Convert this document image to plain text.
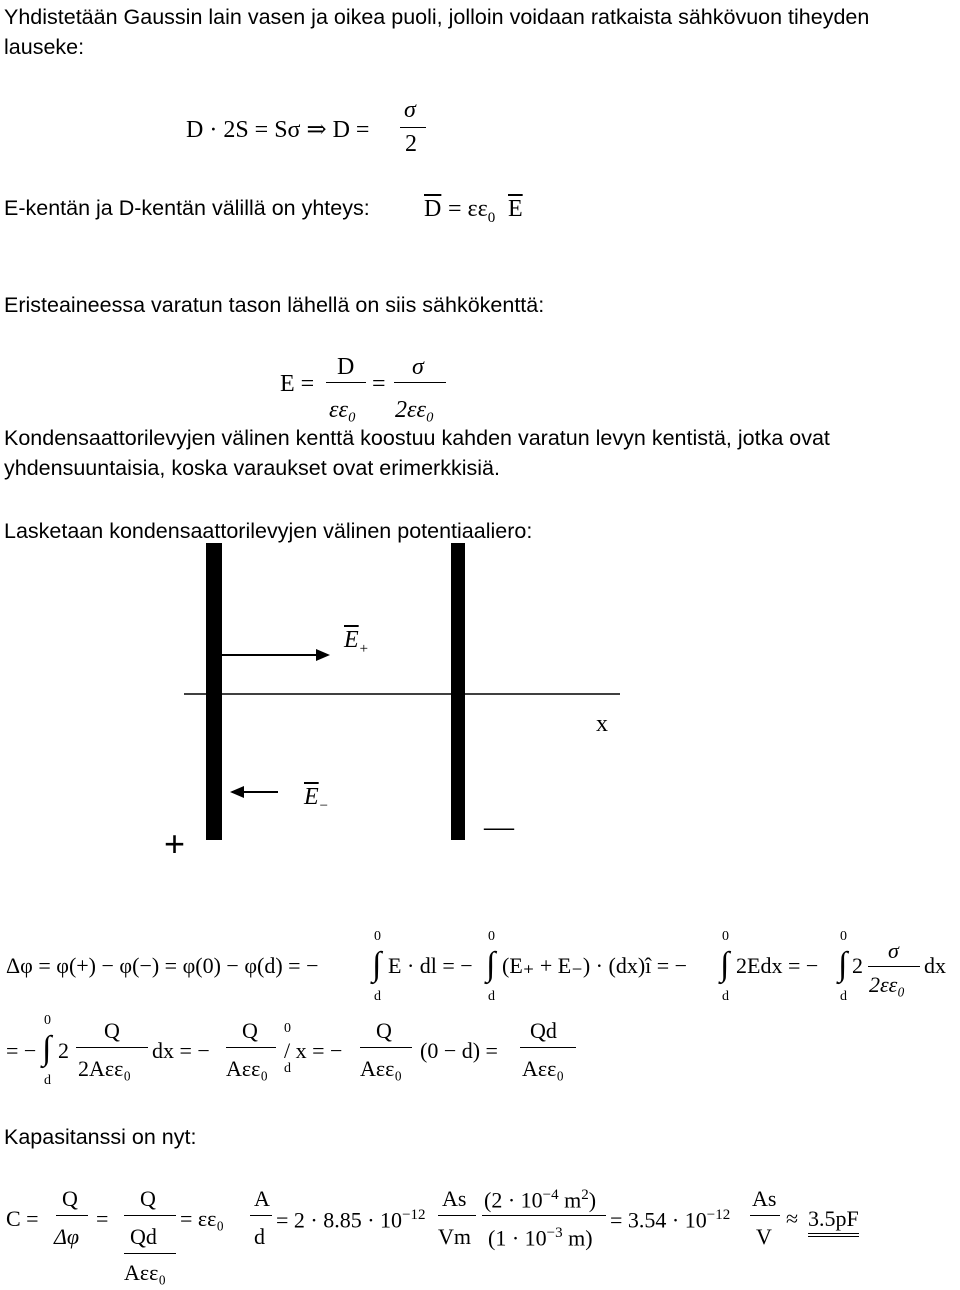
Yhdistetään Gaussin lain vasen ja oikea puoli, jolloin voidaan ratkaista sähkövuon tiheyden
lauseke:
D · 2S = Sσ ⇒ D =
σ
2
E-kentän ja D-kentän välillä on yhteys: $\overline{D} = \varepsilon\varepsilon_0$ $\overline{E}$
Eristeaineessa varatun tason lähellä on siis sähkökenttä:
E =
D
εε₀
=
σ
2εε₀
Kondensaattorilevyjen välinen kenttä koostuu kahden varatun levyn kentistä, jotka ovat
yhdensuuntaisia, koska varaukset ovat erimerkkisiä.
Lasketaan kondensaattorilevyjen välinen potentiaaliero:
$\overline{E}_+$
$\overline{E}_-$
x
+	—
Δφ = φ(+) − φ(−) = φ(0) − φ(d) = −
0
∫
d
E · dl = −
0
∫
d
(E₊ + E₋) · (dx)î = −
0
∫
d
2Edx = −
0
∫
d
2
σ
2εε₀
dx
= −
0
∫
d
2
Q
2Aεε₀
dx = −
Q
Aεε₀
0
d
/ x = −
Q
Aεε₀
(0 − d) =
Qd
Aεε₀
Kapasitanssi on nyt:
C =
Q
Δφ
=
Q
Qd
Aεε₀
= εε₀
A
d
= $2 \cdot 8.85 \cdot 10^{-12}$
As
Vm
($2 \cdot 10^{-4}$ $m^2$)
($1 \cdot 10^{-3}$ m)
= $3.54 \cdot 10^{-12}$
As
V
≈ 3.5pF
